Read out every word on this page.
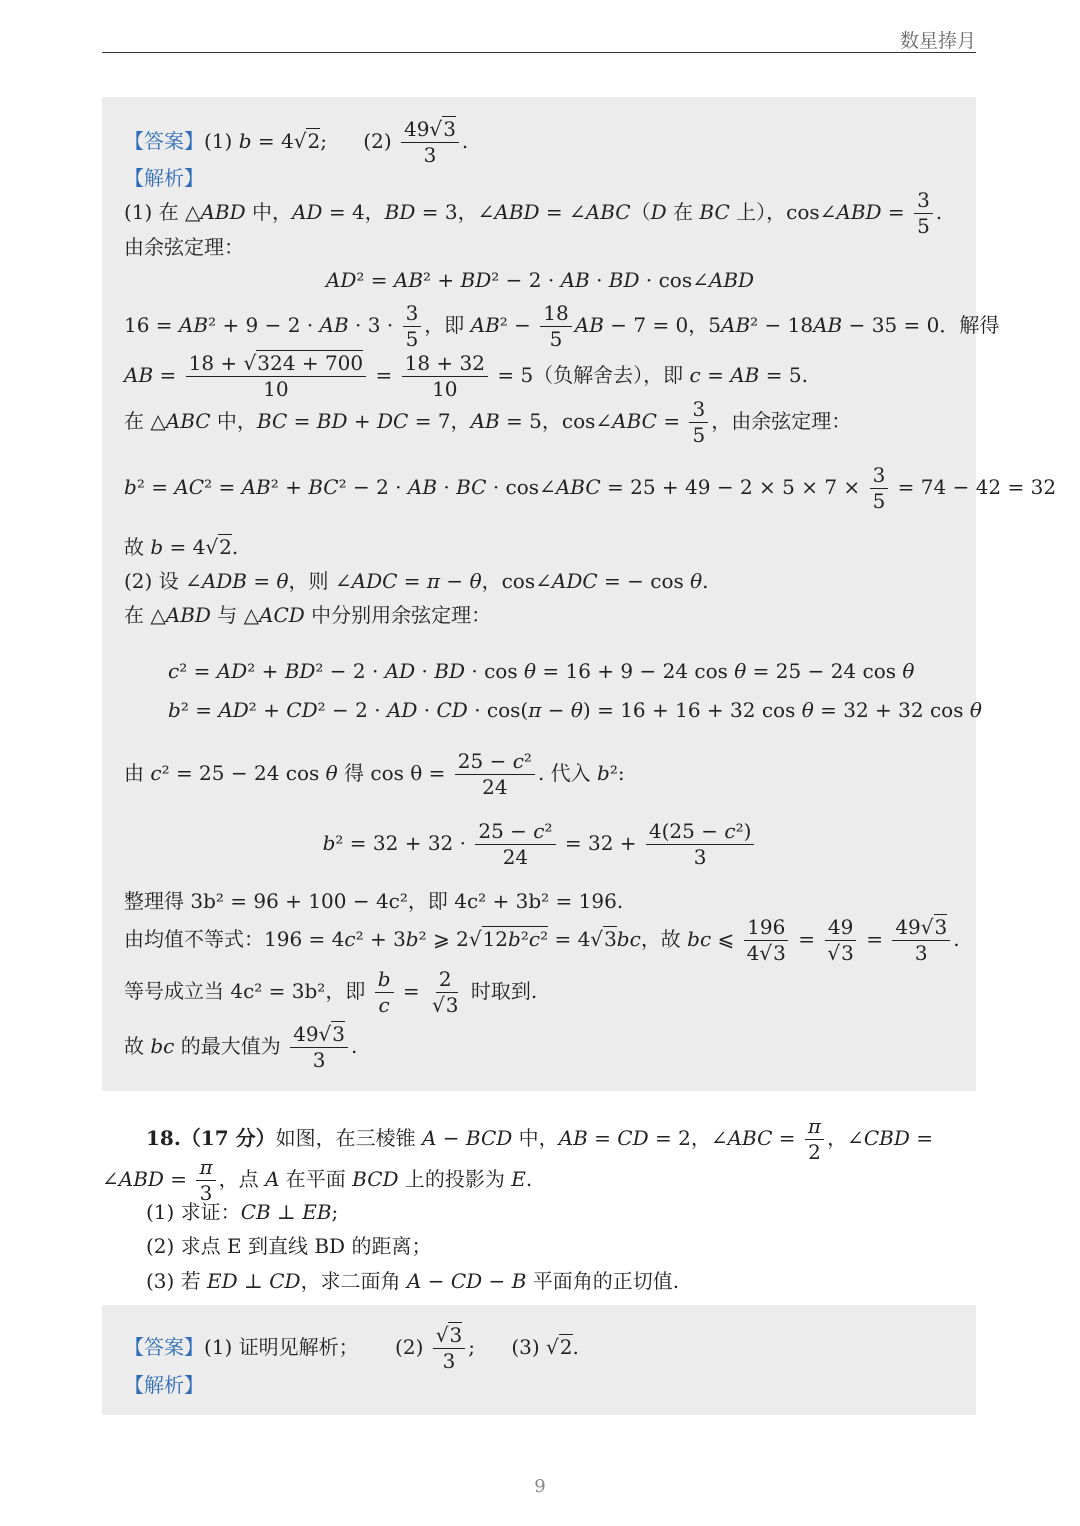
数星捧月
【答案】(1) b = 4√2; $(2) \frac{49√3}{3}$ .
【解析】
(1) 在 △ABD 中，AD = 4，BD = 3，∠ABD = ∠ABC（D 在 BC 上），cos∠ABD = $\frac{3}{5}$ .
由余弦定理：
AD² = AB² + BD² − 2 · AB · BD · cos∠ABD
16 = AB² + 9 − 2 · AB · $3 \cdot \frac{3}{5}$ ，即 $AB^2 - \frac{18}{5}$ AB − 7 = 0，5AB² − 18AB − 35 = 0．解得
AB = $\frac{18 + √324 + 700}{10} = \frac{18 + 32}{10} = 5$（负解舍去），即 c = AB = 5.
在 △ABC 中，BC = BD + DC = 7，AB = 5，cos∠ABC = $\frac{3}{5}$ ，由余弦定理：
b² = AC² = AB² + BC² − 2 · AB · BC · cos∠ABC = $25 + 49 - 2 \times 5 \times 7 \times \frac{3}{5} = 74 - 42 = 32$
故 b = 4√2.
(2) 设 ∠ADB = θ，则 ∠ADC = π − θ，cos∠ADC = − cos θ.
在 △ABD 与 △ACD 中分别用余弦定理：
c² = AD² + BD² − 2 · AD · BD · cos θ = 16 + 9 − 24 cos θ = 25 − 24 cos θ
b² = AD² + CD² − 2 · AD · CD · cos(π − θ) = 16 + 16 + 32 cos θ = 32 + 32 cos θ
由 c² = 25 − 24 cos θ 得 $\cos \theta = \frac{\text{25 − c²}}{24}$ . 代入 b²:
$b^2 = 32 + 32 \cdot \frac{\text{25 − c²}}{24} = 32 + \frac{\text{4(25 − c²)}}{3}$
整理得 3b² = 96 + 100 − 4c²，即 4c² + 3b² = 196.
由均值不等式：196 = 4c² + 3b² ⩾ 2√12b²c² = 4√3bc，故 bc ⩽ $\frac{196}{4√3} = \frac{49}{√3} = \frac{49√3}{3}$ .
等号成立当 4c² = 3b²，即 $\frac{b}{c} = \frac{2}{√3}$ 时取到.
故 bc 的最大值为 $\frac{49√3}{3}$ .
18.（17 分）如图，在三棱锥 A − BCD 中，AB = CD = 2，∠ABC = $\frac{\pi}{2}$ ，∠CBD =
∠ABD = $\frac{\pi}{3}$ ，点 A 在平面 BCD 上的投影为 E.
(1) 求证：CB ⊥ EB;
(2) 求点 E 到直线 BD 的距离；
(3) 若 ED ⊥ CD，求二面角 A − CD − B 平面角的正切值.
【答案】(1) 证明见解析； $(2) \frac{√3}{3}$ ; (3) √2.
【解析】
9
